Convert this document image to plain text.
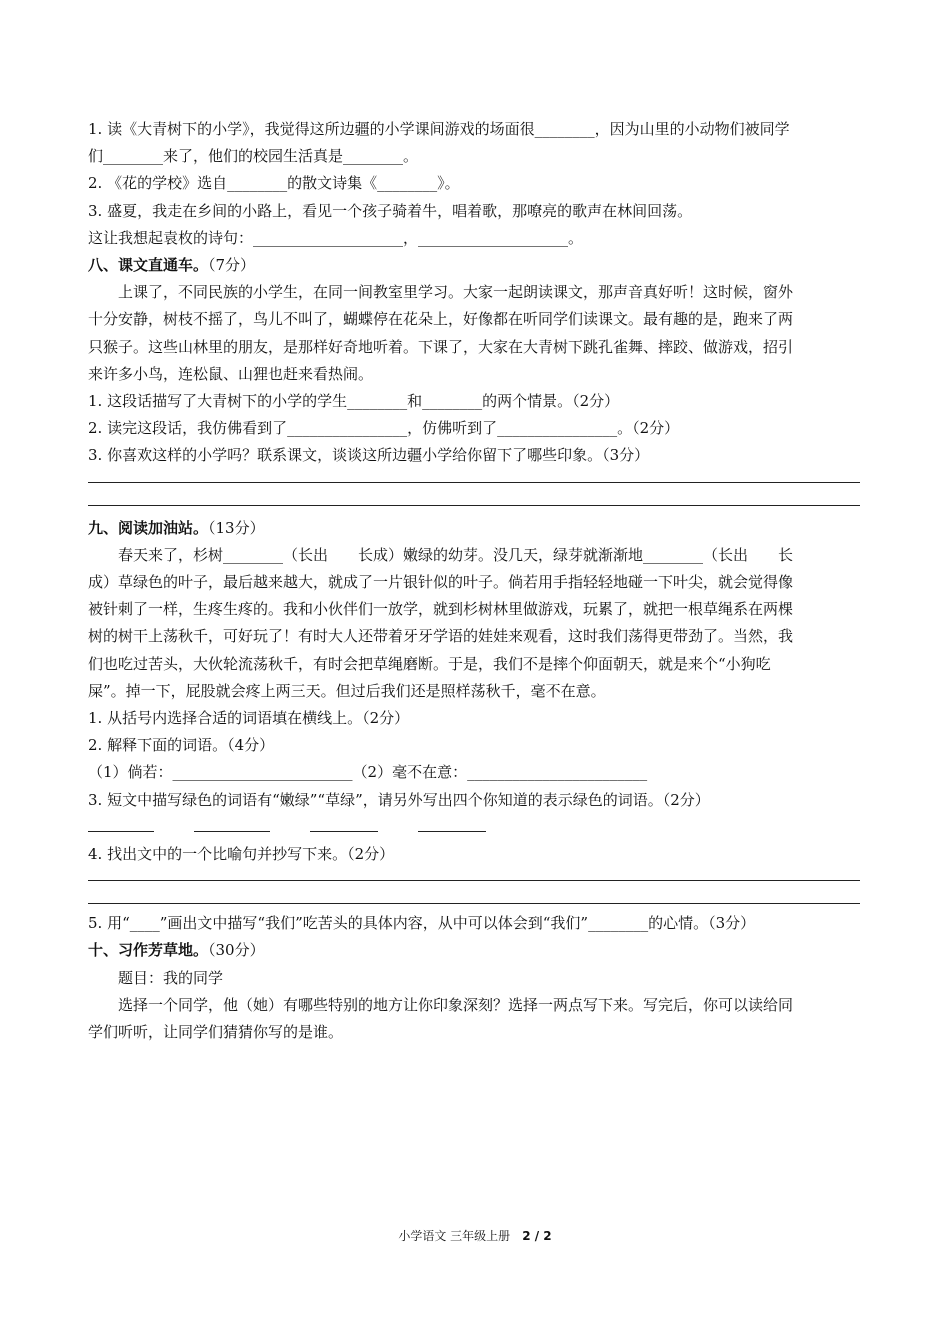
1. 读《大青树下的小学》，我觉得这所边疆的小学课间游戏的场面很________，因为山里的小动物们被同学

们________来了，他们的校园生活真是________。

2. 《花的学校》选自________的散文诗集《________》。

3. 盛夏，我走在乡间的小路上，看见一个孩子骑着牛，唱着歌，那嘹亮的歌声在林间回荡。

这让我想起袁枚的诗句：____________________，____________________。

八、课文直通车。（7分）

上课了，不同民族的小学生，在同一间教室里学习。大家一起朗读课文，那声音真好听！这时候，窗外

十分安静，树枝不摇了，鸟儿不叫了，蝴蝶停在花朵上，好像都在听同学们读课文。最有趣的是，跑来了两

只猴子。这些山林里的朋友，是那样好奇地听着。下课了，大家在大青树下跳孔雀舞、摔跤、做游戏，招引

来许多小鸟，连松鼠、山狸也赶来看热闹。

1. 这段话描写了大青树下的小学的学生________和________的两个情景。（2分）

2. 读完这段话，我仿佛看到了________________，仿佛听到了________________。（2分）

3. 你喜欢这样的小学吗？联系课文，谈谈这所边疆小学给你留下了哪些印象。（3分）

九、阅读加油站。（13分）

春天来了，杉树________（长出　　长成）嫩绿的幼芽。没几天，绿芽就渐渐地________（长出　　长

成）草绿色的叶子，最后越来越大，就成了一片银针似的叶子。倘若用手指轻轻地碰一下叶尖，就会觉得像

被针刺了一样，生疼生疼的。我和小伙伴们一放学，就到杉树林里做游戏，玩累了，就把一根草绳系在两棵

树的树干上荡秋千，可好玩了！有时大人还带着牙牙学语的娃娃来观看，这时我们荡得更带劲了。当然，我

们也吃过苦头，大伙轮流荡秋千，有时会把草绳磨断。于是，我们不是摔个仰面朝天，就是来个“小狗吃

屎”。掉一下，屁股就会疼上两三天。但过后我们还是照样荡秋千，毫不在意。

1. 从括号内选择合适的词语填在横线上。（2分）

2. 解释下面的词语。（4分）

（1）倘若：________________________（2）毫不在意：________________________

3. 短文中描写绿色的词语有“嫩绿”“草绿”，请另外写出四个你知道的表示绿色的词语。（2分）

4. 找出文中的一个比喻句并抄写下来。（2分）

5. 用“____”画出文中描写“我们”吃苦头的具体内容，从中可以体会到“我们”________的心情。（3分）

十、习作芳草地。（30分）

题目：我的同学

选择一个同学，他（她）有哪些特别的地方让你印象深刻？选择一两点写下来。写完后，你可以读给同

学们听听，让同学们猜猜你写的是谁。

小学语文 三年级上册 2 / 2
